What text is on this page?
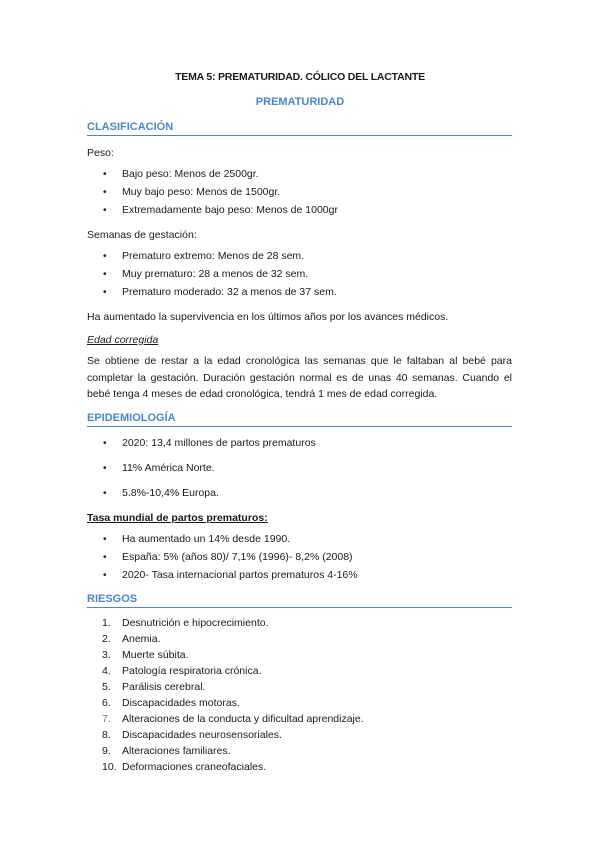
TEMA 5: PREMATURIDAD. CÓLICO DEL LACTANTE
PREMATURIDAD
CLASIFICACIÓN
Peso:
• Bajo peso: Menos de 2500gr.
• Muy bajo peso: Menos de 1500gr.
• Extremadamente bajo peso: Menos de 1000gr
Semanas de gestación:
• Prematuro extremo: Menos de 28 sem.
• Muy prematuro: 28 a menos de 32 sem.
• Prematuro moderado: 32 a menos de 37 sem.
Ha aumentado la supervivencia en los últimos años por los avances médicos.
Edad corregida
Se obtiene de restar a la edad cronológica las semanas que le faltaban al bebé para completar la gestación. Duración gestación normal es de unas 40 semanas. Cuando el bebé tenga 4 meses de edad cronológica, tendrá 1 mes de edad corregida.
EPIDEMIOLOGÍA
• 2020: 13,4 millones de partos prematuros
• 11% América Norte.
• 5.8%-10,4% Europa.
Tasa mundial de partos prematuros:
• Ha aumentado un 14% desde 1990.
• España: 5% (años 80)/ 7,1% (1996)- 8,2% (2008)
• 2020- Tasa internacional partos prematuros 4-16%
RIESGOS
1.	Desnutrición e hipocrecimiento.
2.	Anemia.
3.	Muerte súbita.
4.	Patología respiratoria crónica.
5.	Parálisis cerebral.
6.	Discapacidades motoras.
7.	Alteraciones de la conducta y dificultad aprendizaje.
8.	Discapacidades neurosensoriales.
9.	Alteraciones familiares.
10. Deformaciones craneofaciales.
